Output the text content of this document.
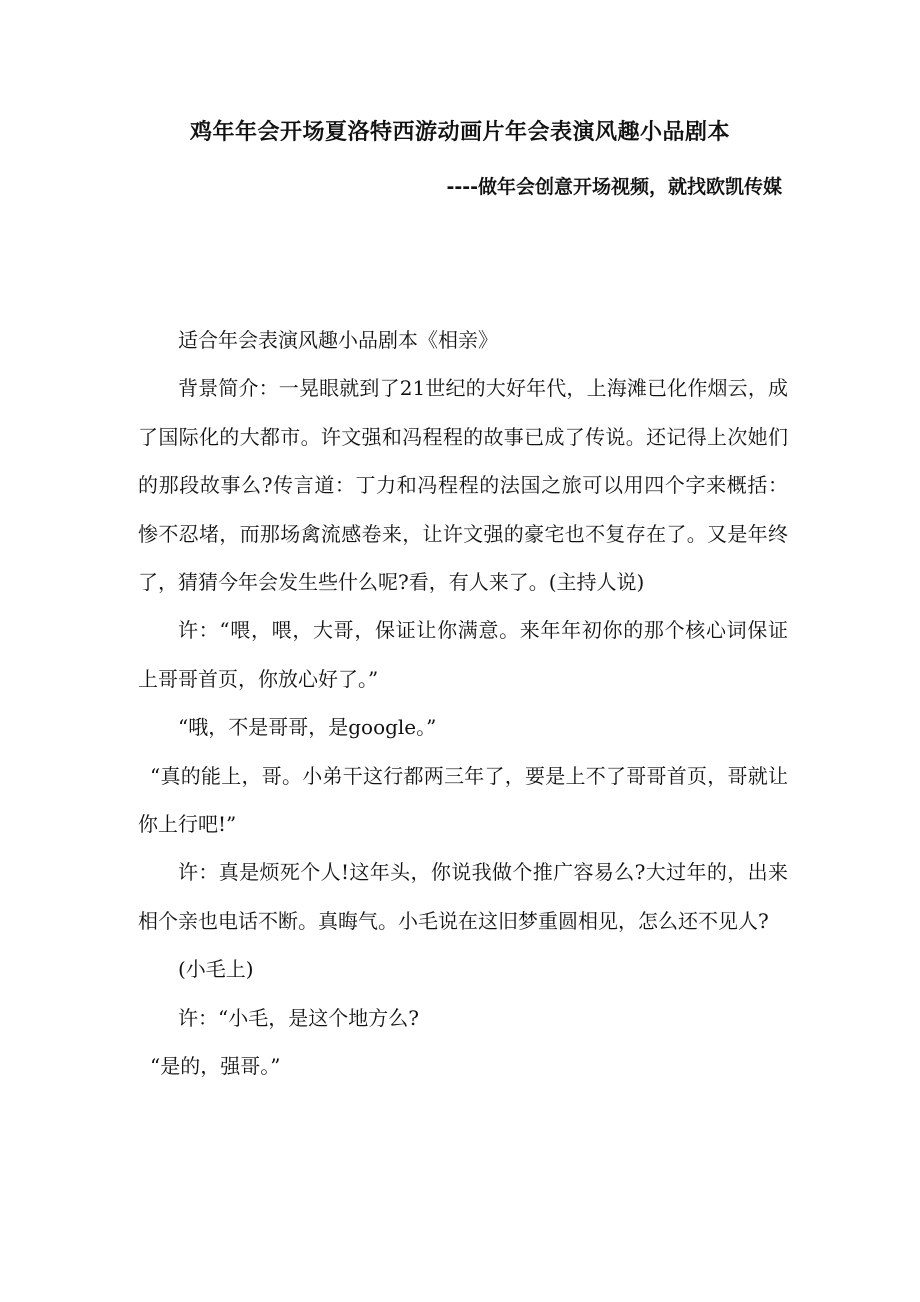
鸡年年会开场夏洛特西游动画片年会表演风趣小品剧本
----做年会创意开场视频，就找欧凯传媒

适合年会表演风趣小品剧本《相亲》

背景简介：一晃眼就到了21世纪的大好年代，上海滩已化作烟云，成了国际化的大都市。许文强和冯程程的故事已成了传说。还记得上次她们的那段故事么?传言道：丁力和冯程程的法国之旅可以用四个字来概括：惨不忍堵，而那场禽流感卷来，让许文强的豪宅也不复存在了。又是年终了，猜猜今年会发生些什么呢?看，有人来了。(主持人说)

许：“喂，喂，大哥，保证让你满意。来年年初你的那个核心词保证上哥哥首页，你放心好了。”

“哦，不是哥哥，是google。”

“真的能上，哥。小弟干这行都两三年了，要是上不了哥哥首页，哥就让你上行吧!”

许：真是烦死个人!这年头，你说我做个推广容易么?大过年的，出来相个亲也电话不断。真晦气。小毛说在这旧梦重圆相见，怎么还不见人?

(小毛上)

许：“小毛，是这个地方么?

“是的，强哥。”
